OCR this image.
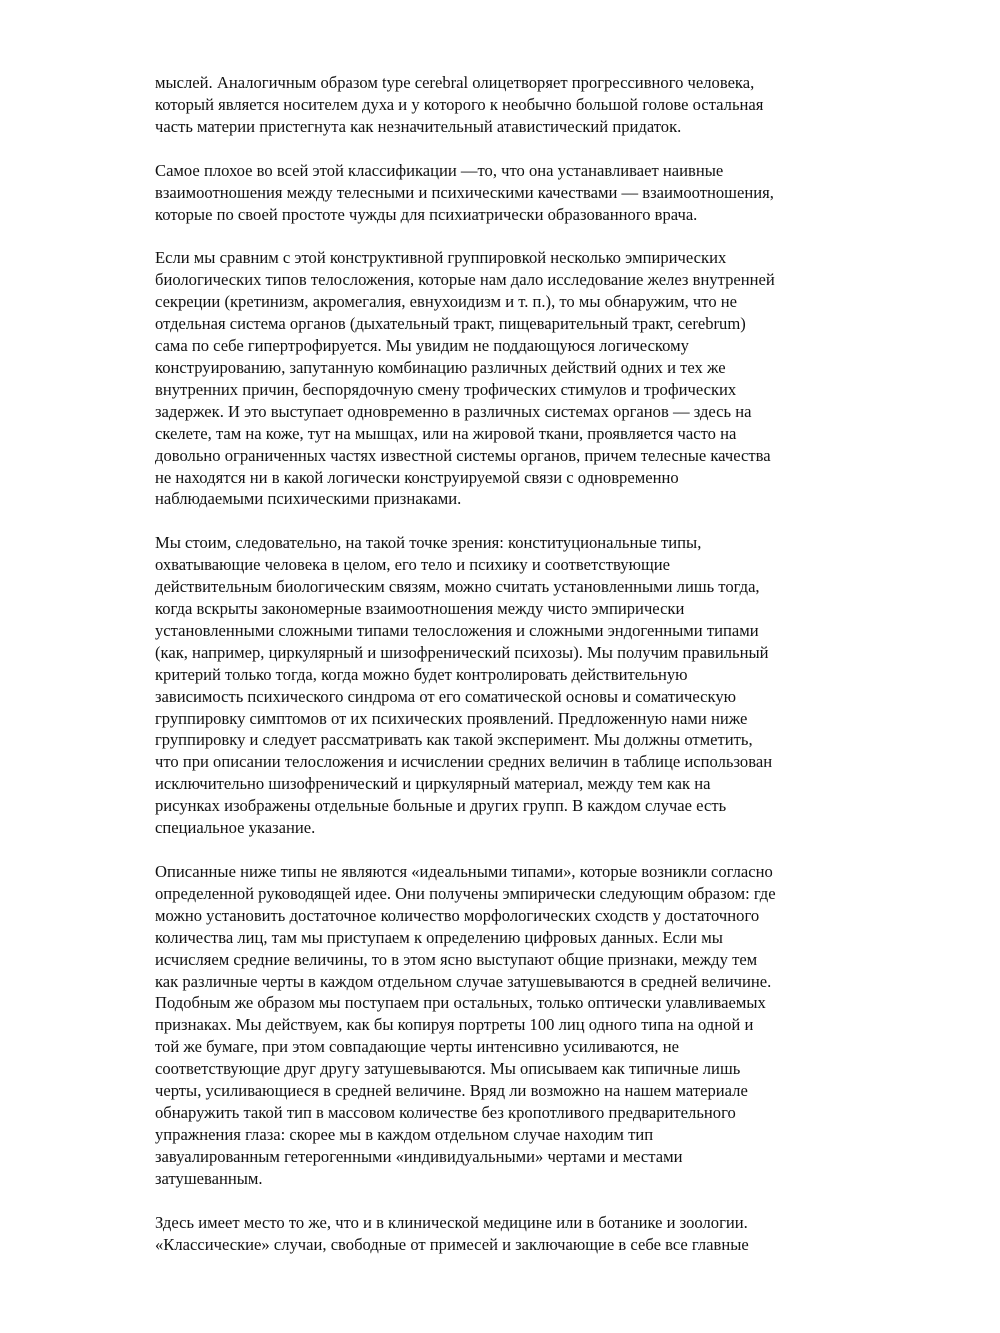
мыслей. Аналогичным образом type cerebral олицетворяет прогрессивного человека,
который является носителем духа и у которого к необычно большой голове остальная
часть материи пристегнута как незначительный атавистический придаток.
Самое плохое во всей этой классификации —то, что она устанавливает наивные
взаимоотношения между телесными и психическими качествами — взаимоотношения,
которые по своей простоте чужды для психиатрически образованного врача.
Если мы сравним с этой конструктивной группировкой несколько эмпирических
биологических типов телосложения, которые нам дало исследование желез внутренней
секреции (кретинизм, акромегалия, евнухоидизм и т. п.), то мы обнаружим, что не
отдельная система органов (дыхательный тракт, пищеварительный тракт, cerebrum)
сама по себе гипертрофируется. Мы увидим не поддающуюся логическому
конструированию, запутанную комбинацию различных действий одних и тех же
внутренних причин, беспорядочную смену трофических стимулов и трофических
задержек. И это выступает одновременно в различных системах органов — здесь на
скелете, там на коже, тут на мышцах, или на жировой ткани, проявляется часто на
довольно ограниченных частях известной системы органов, причем телесные качества
не находятся ни в какой логически конструируемой связи с одновременно
наблюдаемыми психическими признаками.
Мы стоим, следовательно, на такой точке зрения: конституциональные типы,
охватывающие человека в целом, его тело и психику и соответствующие
действительным биологическим связям, можно считать установленными лишь тогда,
когда вскрыты закономерные взаимоотношения между чисто эмпирически
установленными сложными типами телосложения и сложными эндогенными типами
(как, например, циркулярный и шизофренический психозы). Мы получим правильный
критерий только тогда, когда можно будет контролировать действительную
зависимость психического синдрома от его соматической основы и соматическую
группировку симптомов от их психических проявлений. Предложенную нами ниже
группировку и следует рассматривать как такой эксперимент. Мы должны отметить,
что при описании телосложения и исчислении средних величин в таблице использован
исключительно шизофренический и циркулярный материал, между тем как на
рисунках изображены отдельные больные и других групп. В каждом случае есть
специальное указание.
Описанные ниже типы не являются «идеальными типами», которые возникли согласно
определенной руководящей идее. Они получены эмпирически следующим образом: где
можно установить достаточное количество морфологических сходств у достаточного
количества лиц, там мы приступаем к определению цифровых данных. Если мы
исчисляем средние величины, то в этом ясно выступают общие признаки, между тем
как различные черты в каждом отдельном случае затушевываются в средней величине.
Подобным же образом мы поступаем при остальных, только оптически улавливаемых
признаках. Мы действуем, как бы копируя портреты 100 лиц одного типа на одной и
той же бумаге, при этом совпадающие черты интенсивно усиливаются, не
соответствующие друг другу затушевываются. Мы описываем как типичные лишь
черты, усиливающиеся в средней величине. Вряд ли возможно на нашем материале
обнаружить такой тип в массовом количестве без кропотливого предварительного
упражнения глаза: скорее мы в каждом отдельном случае находим тип
завуалированным гетерогенными «индивидуальными» чертами и местами
затушеванным.
Здесь имеет место то же, что и в клинической медицине или в ботанике и зоологии.
«Классические» случаи, свободные от примесей и заключающие в себе все главные
